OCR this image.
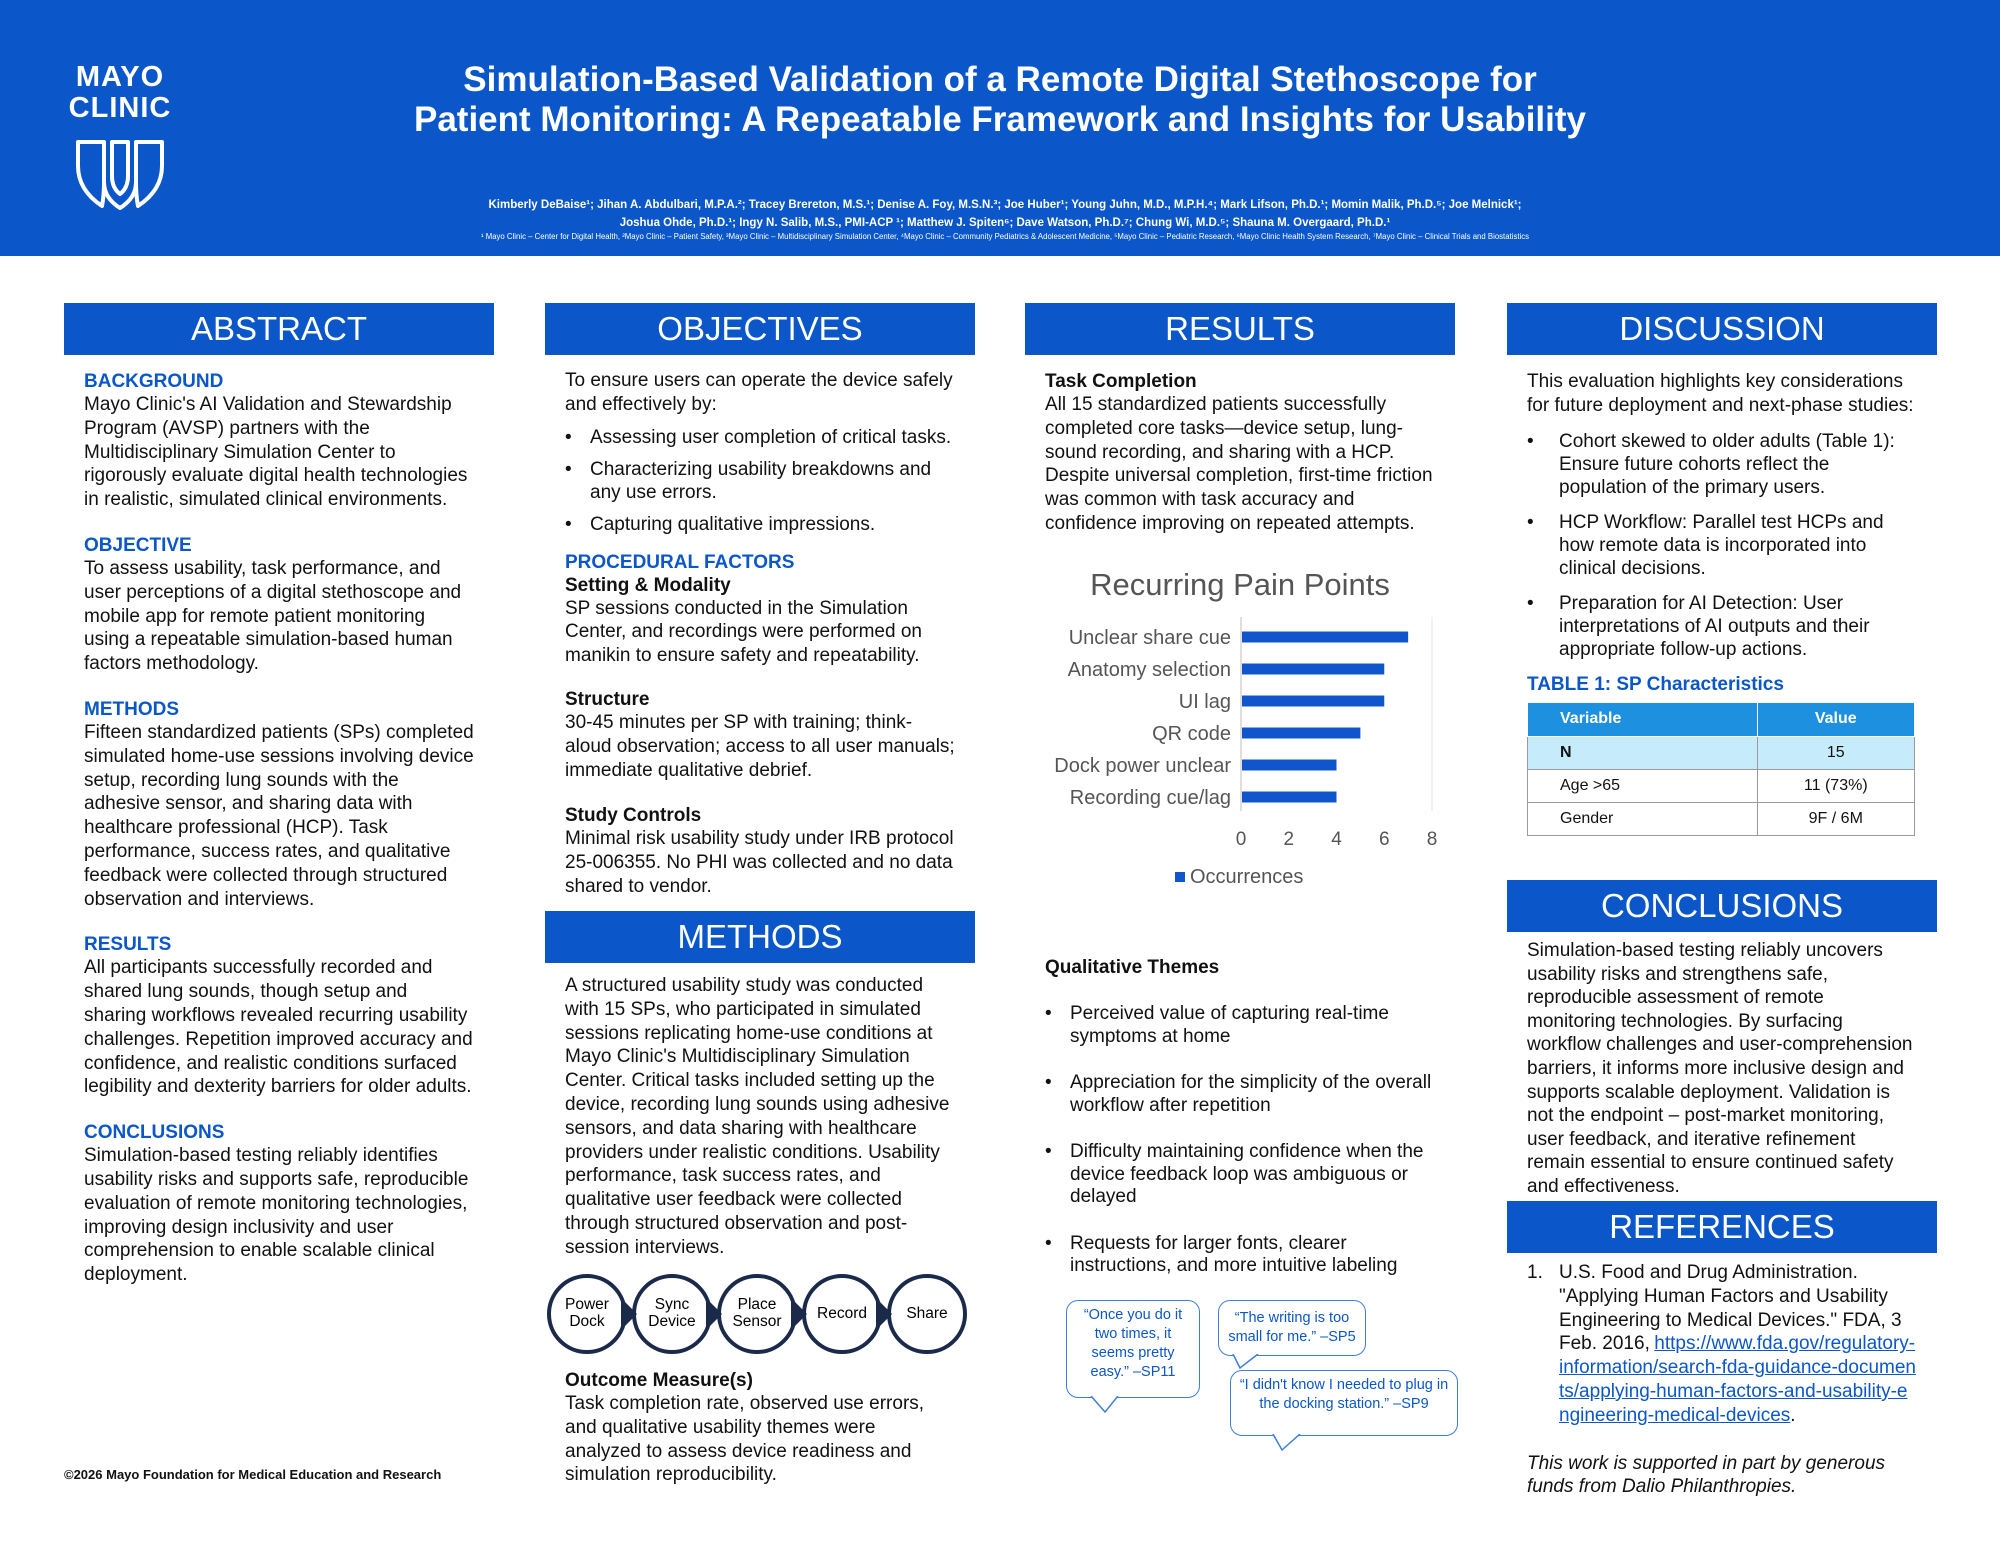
MAYO
CLINIC
Simulation-Based Validation of a Remote Digital Stethoscope for
Patient Monitoring: A Repeatable Framework and Insights for Usability
Kimberly DeBaise¹; Jihan A. Abdulbari, M.P.A.²; Tracey Brereton, M.S.¹; Denise A. Foy, M.S.N.³; Joe Huber¹; Young Juhn, M.D., M.P.H.⁴; Mark Lifson, Ph.D.¹; Momin Malik, Ph.D.⁵; Joe Melnick¹;
Joshua Ohde, Ph.D.¹; Ingy N. Salib, M.S., PMI-ACP ¹; Matthew J. Spiten⁶; Dave Watson, Ph.D.⁷; Chung Wi, M.D.⁵; Shauna M. Overgaard, Ph.D.¹
¹ Mayo Clinic – Center for Digital Health, ²Mayo Clinic – Patient Safety, ³Mayo Clinic – Multidisciplinary Simulation Center, ⁴Mayo Clinic – Community Pediatrics & Adolescent Medicine, ⁵Mayo Clinic – Pediatric Research, ⁶Mayo Clinic Health System Research, ⁷Mayo Clinic – Clinical Trials and Biostatistics
ABSTRACT
BACKGROUND
Mayo Clinic's AI Validation and Stewardship Program (AVSP) partners with the Multidisciplinary Simulation Center to rigorously evaluate digital health technologies in realistic, simulated clinical environments.
OBJECTIVE
To assess usability, task performance, and user perceptions of a digital stethoscope and mobile app for remote patient monitoring using a repeatable simulation-based human factors methodology.
METHODS
Fifteen standardized patients (SPs) completed simulated home-use sessions involving device setup, recording lung sounds with the adhesive sensor, and sharing data with healthcare professional (HCP). Task performance, success rates, and qualitative feedback were collected through structured observation and interviews.
RESULTS
All participants successfully recorded and shared lung sounds, though setup and sharing workflows revealed recurring usability challenges. Repetition improved accuracy and confidence, and realistic conditions surfaced legibility and dexterity barriers for older adults.
CONCLUSIONS
Simulation-based testing reliably identifies usability risks and supports safe, reproducible evaluation of remote monitoring technologies, improving design inclusivity and user comprehension to enable scalable clinical deployment.
OBJECTIVES
To ensure users can operate the device safely and effectively by:
• Assessing user completion of critical tasks.
• Characterizing usability breakdowns and any use errors.
• Capturing qualitative impressions.
PROCEDURAL FACTORS
Setting & Modality
SP sessions conducted in the Simulation Center, and recordings were performed on manikin to ensure safety and repeatability.
Structure
30-45 minutes per SP with training; think-aloud observation; access to all user manuals; immediate qualitative debrief.
Study Controls
Minimal risk usability study under IRB protocol 25-006355. No PHI was collected and no data shared to vendor.
METHODS
A structured usability study was conducted with 15 SPs, who participated in simulated sessions replicating home-use conditions at Mayo Clinic's Multidisciplinary Simulation Center. Critical tasks included setting up the device, recording lung sounds using adhesive sensors, and data sharing with healthcare providers under realistic conditions. Usability performance, task success rates, and qualitative user feedback were collected through structured observation and post-session interviews.
Outcome Measure(s)
Task completion rate, observed use errors, and qualitative usability themes were analyzed to assess device readiness and simulation reproducibility.
Power
Dock
Sync
Device
Place
Sensor	Record	Share
RESULTS
Task Completion
All 15 standardized patients successfully completed core tasks—device setup, lung-sound recording, and sharing with a HCP. Despite universal completion, first-time friction was common with task accuracy and confidence improving on repeated attempts.
Recurring Pain Points
Unclear share cue
Anatomy selection
UI lag
QR code
Dock power unclear
Recording cue/lag
0 2 4 6 8
Occurrences
Qualitative Themes
• Perceived value of capturing real-time symptoms at home
• Appreciation for the simplicity of the overall workflow after repetition
• Difficulty maintaining confidence when the device feedback loop was ambiguous or delayed
• Requests for larger fonts, clearer instructions, and more intuitive labeling
“Once you do it two times, it seems pretty easy.” –SP11
“The writing is too small for me.” –SP5
“I didn't know I needed to plug in the docking station.” –SP9
DISCUSSION
This evaluation highlights key considerations for future deployment and next-phase studies:
• Cohort skewed to older adults (Table 1): Ensure future cohorts reflect the population of the primary users.
• HCP Workflow: Parallel test HCPs and how remote data is incorporated into clinical decisions.
• Preparation for AI Detection: User interpretations of AI outputs and their appropriate follow-up actions.
TABLE 1: SP Characteristics
Variable	Value
N	15
Age >65	11 (73%)
Gender	9F / 6M
CONCLUSIONS
Simulation-based testing reliably uncovers usability risks and strengthens safe, reproducible assessment of remote monitoring technologies. By surfacing workflow challenges and user-comprehension barriers, it informs more inclusive design and supports scalable deployment. Validation is not the endpoint – post-market monitoring, user feedback, and iterative refinement remain essential to ensure continued safety and effectiveness.
REFERENCES
1. U.S. Food and Drug Administration. "Applying Human Factors and Usability Engineering to Medical Devices." FDA, 3 Feb. 2016, https://www.fda.gov/regulatory-information/search-fda-guidance-documents/applying-human-factors-and-usability-engineering-medical-devices.
This work is supported in part by generous funds from Dalio Philanthropies.
©2026 Mayo Foundation for Medical Education and Research
